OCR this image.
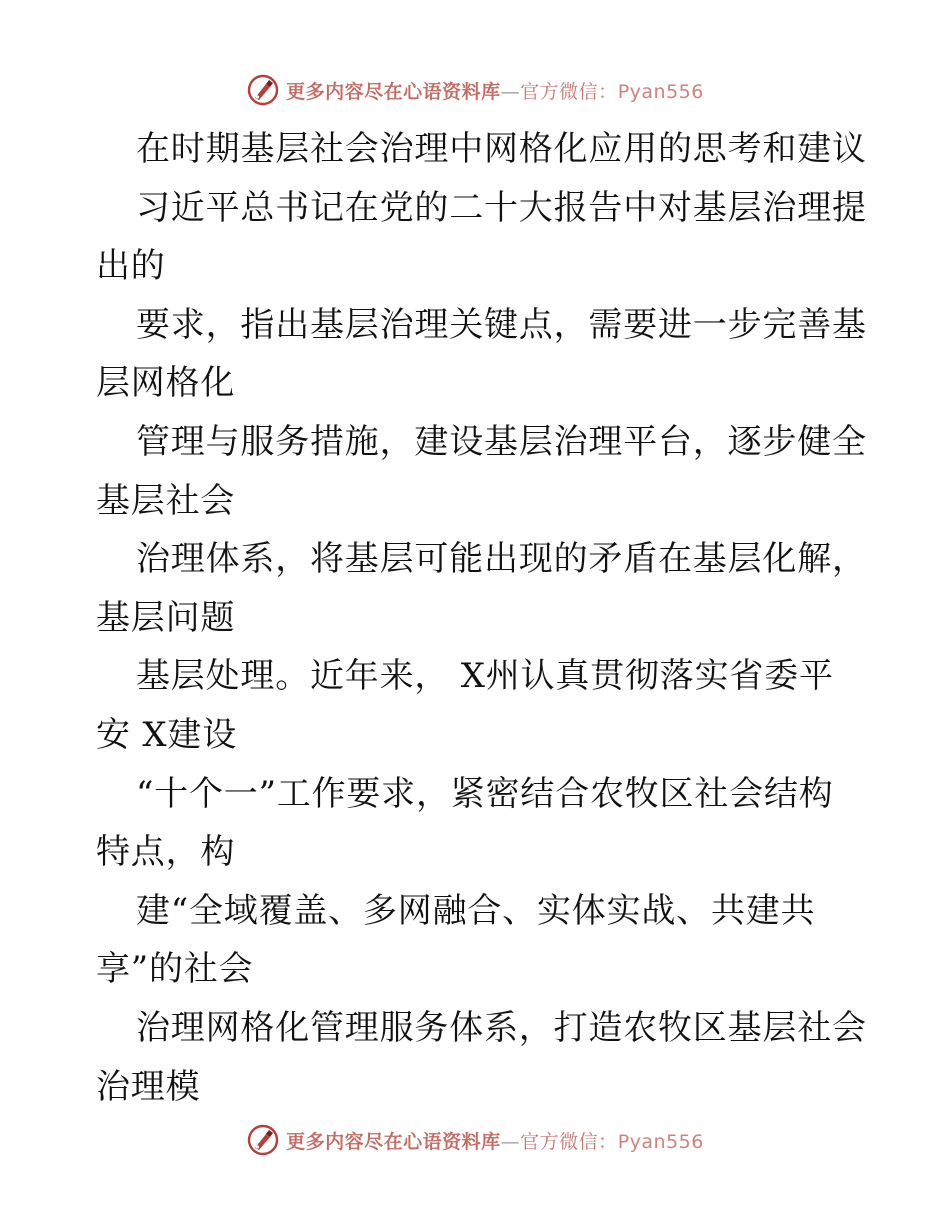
更多内容尽在心语资料库—官方微信：Pyan556
在时期基层社会治理中网格化应用的思考和建议
习近平总书记在党的二十大报告中对基层治理提
出的
要求，指出基层治理关键点，需要进一步完善基
层网格化
管理与服务措施，建设基层治理平台，逐步健全
基层社会
治理体系，将基层可能出现的矛盾在基层化解，
基层问题
基层处理。近年来， X州认真贯彻落实省委平
安 X建设
“十个一”工作要求，紧密结合农牧区社会结构
特点，构
建“全域覆盖、多网融合、实体实战、共建共
享”的社会
治理网格化管理服务体系，打造农牧区基层社会
治理模
更多内容尽在心语资料库—官方微信：Pyan556
